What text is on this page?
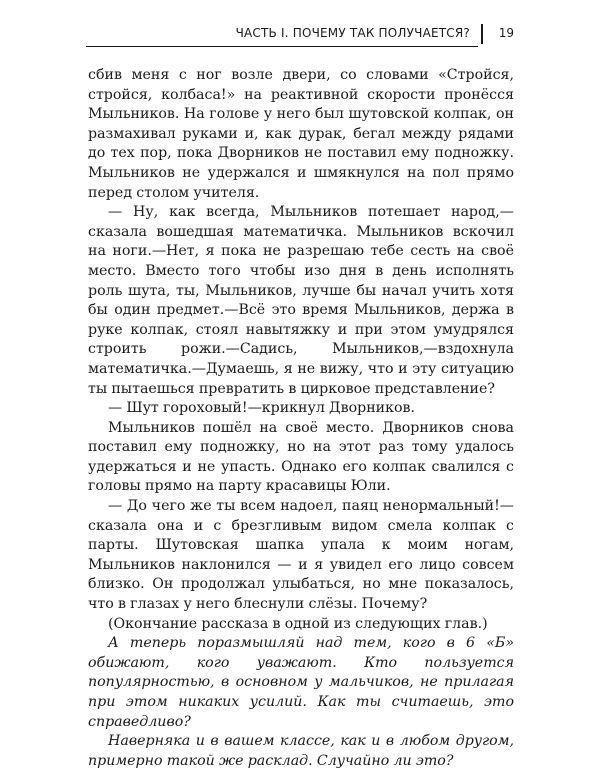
ЧАСТЬ I. ПОЧЕМУ ТАК ПОЛУЧАЕТСЯ? 19

сбив меня с ног возле двери, со словами «Стройся, стройся, колбаса!» на реактивной скорости пронёсся Мыльников. На голове у него был шутовской колпак, он размахивал руками и, как дурак, бегал между рядами до тех пор, пока Дворников не поставил ему подножку. Мыльников не удержался и шмякнулся на пол прямо перед столом учителя.

— Ну, как всегда, Мыльников потешает народ,—сказала вошедшая математичка. Мыльников вскочил на ноги.—Нет, я пока не разрешаю тебе сесть на своё место. Вместо того чтобы изо дня в день исполнять роль шута, ты, Мыльников, лучше бы начал учить хотя бы один предмет.—Всё это время Мыльников, держа в руке колпак, стоял навытяжку и при этом умудрялся строить рожи.—Садись, Мыльников,—вздохнула математичка.—Думаешь, я не вижу, что и эту ситуацию ты пытаешься превратить в цирковое представление?

— Шут гороховый!—крикнул Дворников.

Мыльников пошёл на своё место. Дворников снова поставил ему подножку, но на этот раз тому удалось удержаться и не упасть. Однако его колпак свалился с головы прямо на парту красавицы Юли.

— До чего же ты всем надоел, паяц ненормальный!—сказала она и с брезгливым видом смела колпак с парты. Шутовская шапка упала к моим ногам, Мыльников наклонился — и я увидел его лицо совсем близко. Он продолжал улыбаться, но мне показалось, что в глазах у него блеснули слёзы. Почему?

(Окончание рассказа в одной из следующих глав.)

А теперь поразмышляй над тем, кого в 6 «Б» обижают, кого уважают. Кто пользуется популярностью, в основном у мальчиков, не прилагая при этом никаких усилий. Как ты считаешь, это справедливо?

Наверняка и в вашем классе, как и в любом другом, примерно такой же расклад. Случайно ли это?
